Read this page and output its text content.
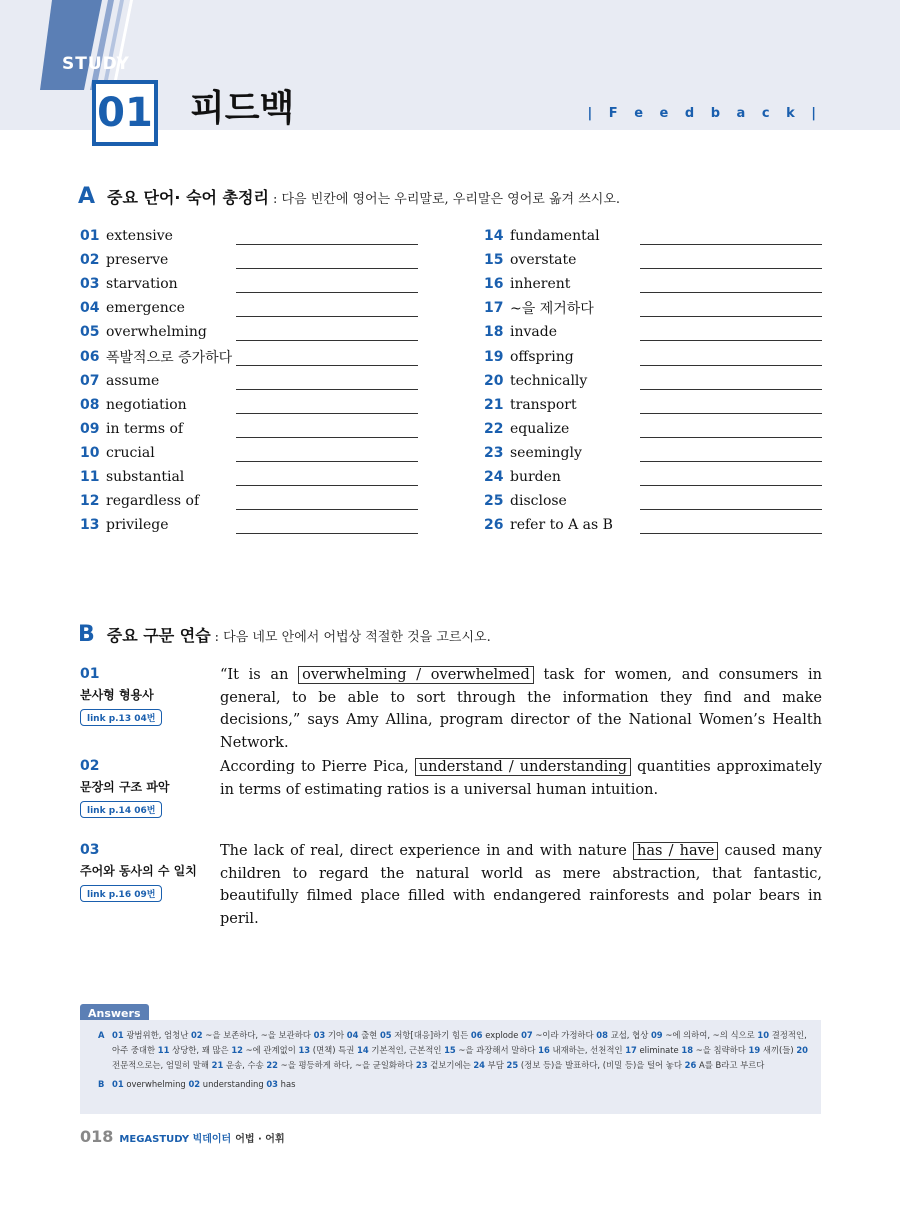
STUDY
01 피드백	| F e e d b a c k |
A 중요 단어· 숙어 총정리 : 다음 빈칸에 영어는 우리말로, 우리말은 영어로 옮겨 쓰시오.
01 extensive
02 preserve
03 starvation
04 emergence
05 overwhelming
06 폭발적으로 증가하다
07 assume
08 negotiation
09 in terms of
10 crucial
11 substantial
12 regardless of
13 privilege
14 fundamental
15 overstate
16 inherent
17 ~을 제거하다
18 invade
19 offspring
20 technically
21 transport
22 equalize
23 seemingly
24 burden
25 disclose
26 refer to A as B
B 중요 구문 연습 : 다음 네모 안에서 어법상 적절한 것을 고르시오.
01
분사형 형용사
link p.13 04번
“It is an overwhelming / overwhelmed task for women, and consumers in general, to be able to sort through the information they find and make decisions,” says Amy Allina, program director of the National Women’s Health Network.
02
문장의 구조 파악
link p.14 06번
According to Pierre Pica, understand / understanding quantities approximately in terms of estimating ratios is a universal human intuition.
03
주어와 동사의 수 일치
link p.16 09번
The lack of real, direct experience in and with nature has / have caused many children to regard the natural world as mere abstraction, that fantastic, beautifully filmed place filled with endangered rainforests and polar bears in peril.
Answers
A 01 광범위한, 엄청난 02 ~을 보존하다, ~을 보관하다 03 기아 04 출현 05 저항[대응]하기 힘든 06 explode 07 ~이라 가정하다 08 교섭, 협상 09 ~에 의하여, ~의 식으로 10 결정적인, 아주 중대한 11 상당한, 꽤 많은 12 ~에 관계없이 13 (면책) 특권 14 기본적인, 근본적인 15 ~을 과장해서 말하다 16 내재하는, 선천적인 17 eliminate 18 ~을 침략하다 19 새끼(들) 20 전문적으로는, 엄밀히 말해 21 운송, 수송 22 ~을 평등하게 하다, ~을 균일화하다 23 겉보기에는 24 부담 25 (정보 등)을 발표하다, (비밀 등)을 털어 놓다 26 A를 B라고 부르다
B 01 overwhelming 02 understanding 03 has
018 MEGASTUDY 빅데이터 어법 · 어휘
